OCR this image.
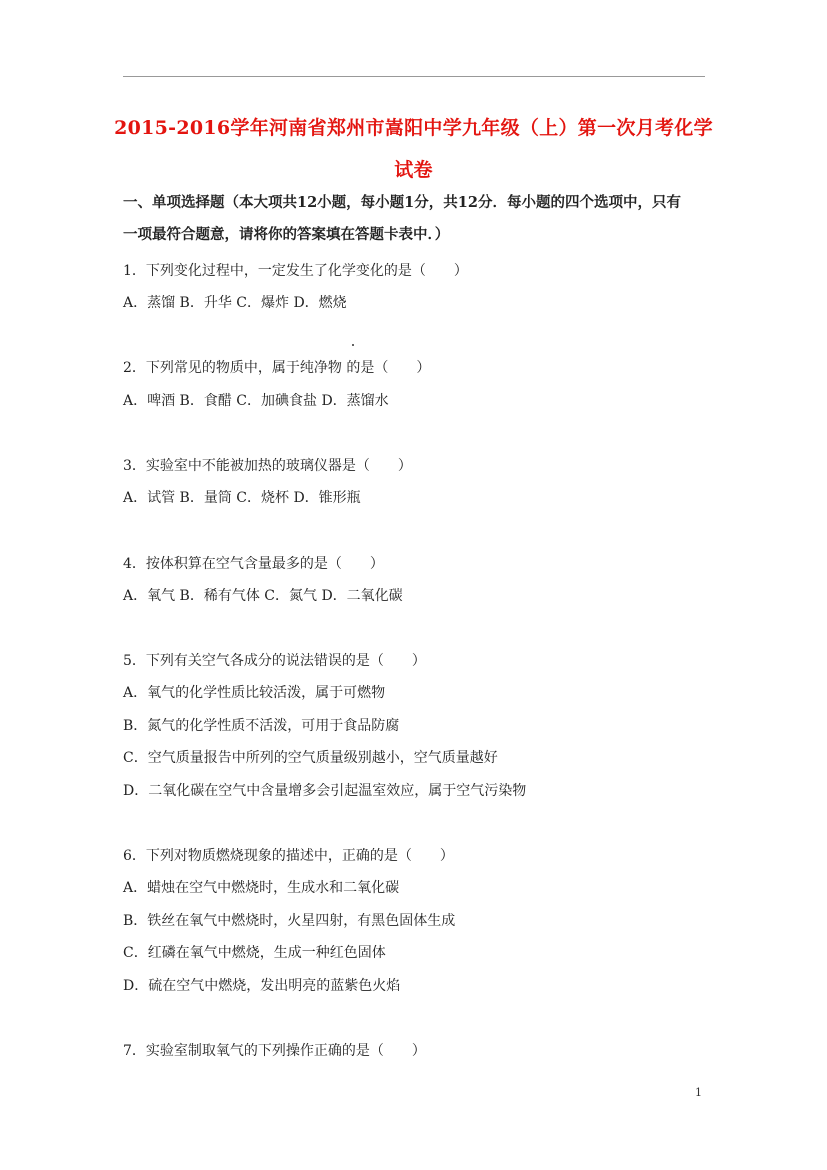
2015-2016学年河南省郑州市嵩阳中学九年级（上）第一次月考化学
试卷
一、单项选择题（本大项共12小题，每小题1分，共12分．每小题的四个选项中，只有
一项最符合题意，请将你的答案填在答题卡表中．）
1．下列变化过程中，一定发生了化学变化的是（　　）
A．蒸馏 B．升华 C．爆炸 D．燃烧
2．下列常见的物质中，属于纯净物 的是（　　）
A．啤酒 B．食醋 C．加碘食盐 D．蒸馏水
3．实验室中不能被加热的玻璃仪器是（　　）
A．试管 B．量筒 C．烧杯 D．锥形瓶
4．按体积算在空气含量最多的是（　　）
A．氧气 B．稀有气体 C．氮气 D．二氧化碳
5．下列有关空气各成分的说法错误的是（　　）
A．氧气的化学性质比较活泼，属于可燃物
B．氮气的化学性质不活泼，可用于食品防腐
C．空气质量报告中所列的空气质量级别越小，空气质量越好
D．二氧化碳在空气中含量增多会引起温室效应，属于空气污染物
6．下列对物质燃烧现象的描述中，正确的是（　　）
A．蜡烛在空气中燃烧时，生成水和二氧化碳
B．铁丝在氧气中燃烧时，火星四射，有黑色固体生成
C．红磷在氧气中燃烧，生成一种红色固体
D．硫在空气中燃烧，发出明亮的蓝紫色火焰
7．实验室制取氧气的下列操作正确的是（　　）
1
